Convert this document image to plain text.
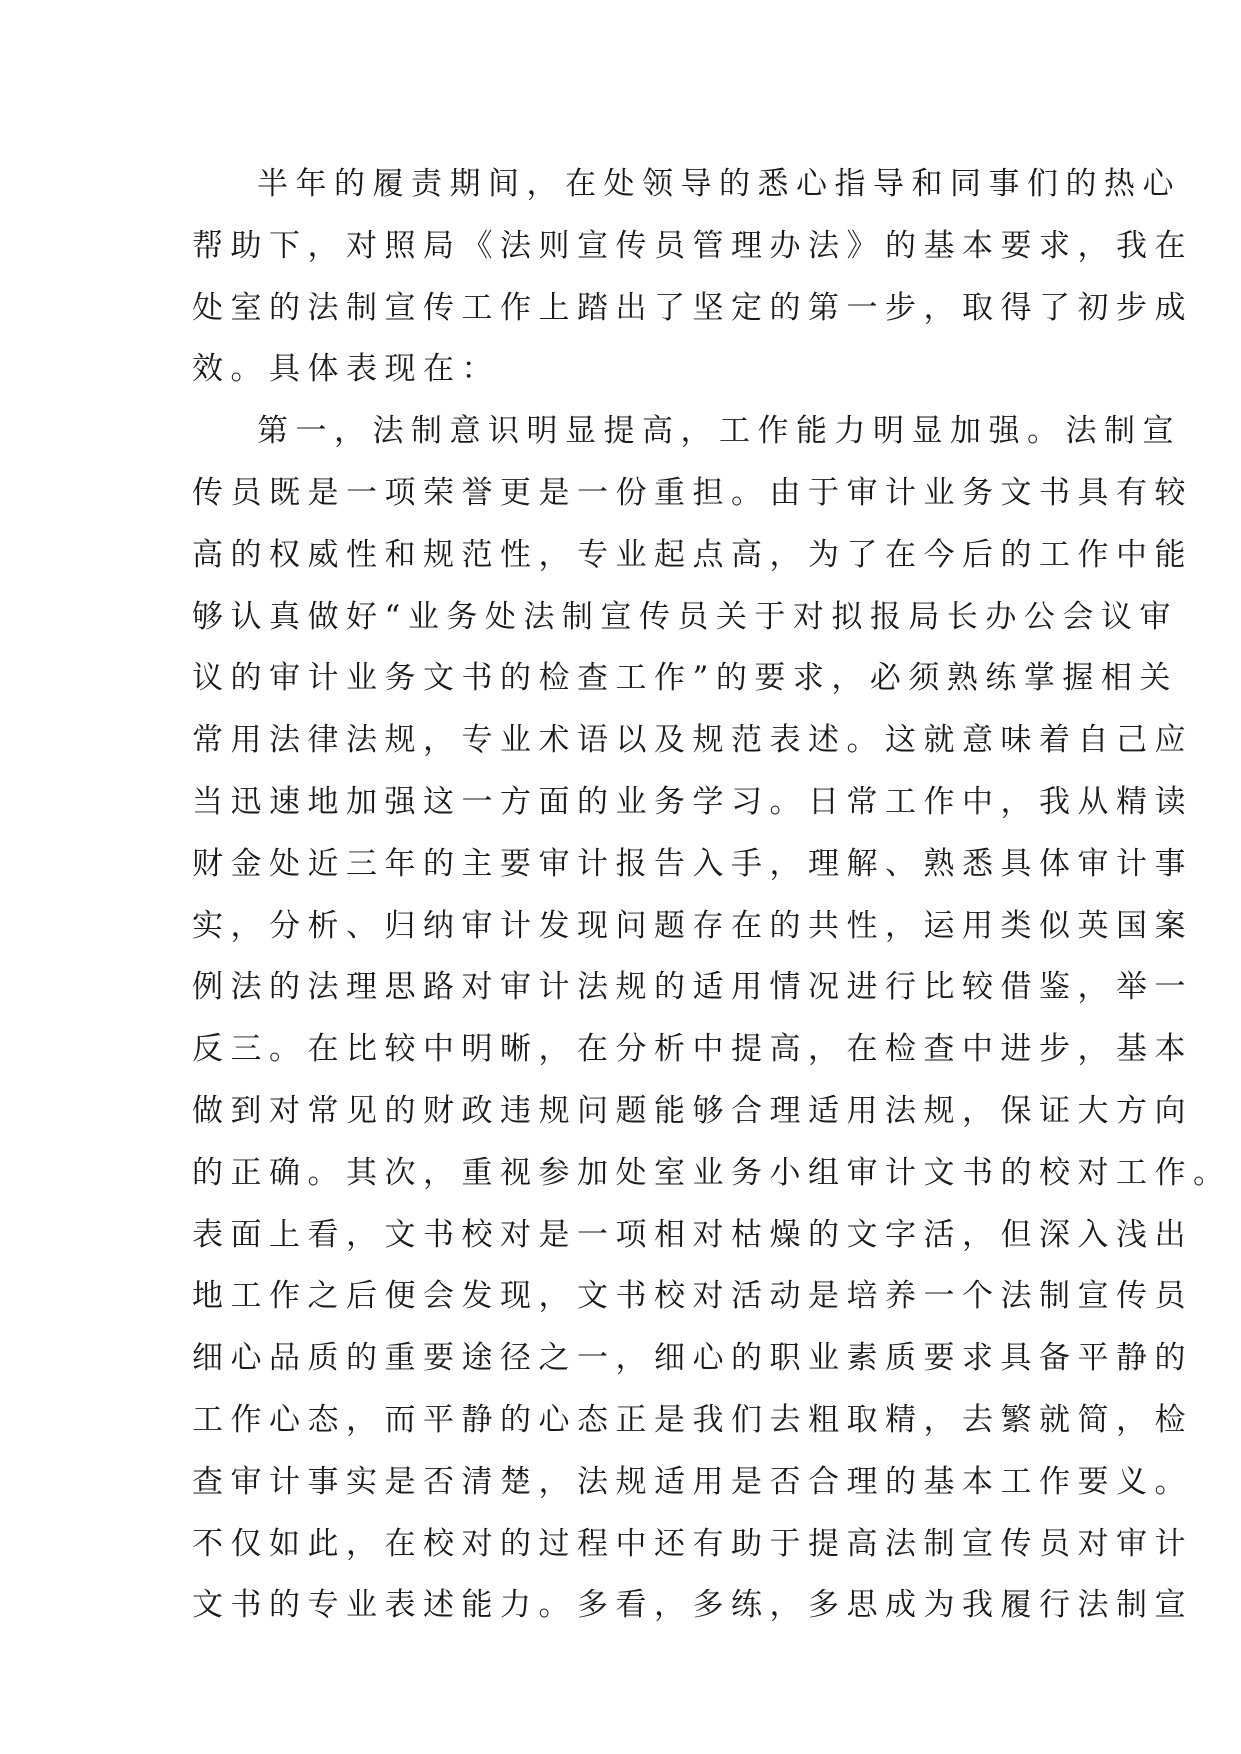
半年的履责期间，在处领导的悉心指导和同事们的热心
帮助下，对照局《法则宣传员管理办法》的基本要求，我在
处室的法制宣传工作上踏出了坚定的第一步，取得了初步成
效。具体表现在：
第一，法制意识明显提高，工作能力明显加强。法制宣
传员既是一项荣誉更是一份重担。由于审计业务文书具有较
高的权威性和规范性，专业起点高，为了在今后的工作中能
够认真做好“业务处法制宣传员关于对拟报局长办公会议审
议的审计业务文书的检查工作”的要求，必须熟练掌握相关
常用法律法规，专业术语以及规范表述。这就意味着自己应
当迅速地加强这一方面的业务学习。日常工作中，我从精读
财金处近三年的主要审计报告入手，理解、熟悉具体审计事
实，分析、归纳审计发现问题存在的共性，运用类似英国案
例法的法理思路对审计法规的适用情况进行比较借鉴，举一
反三。在比较中明晰，在分析中提高，在检查中进步，基本
做到对常见的财政违规问题能够合理适用法规，保证大方向
的正确。其次，重视参加处室业务小组审计文书的校对工作。
表面上看，文书校对是一项相对枯燥的文字活，但深入浅出
地工作之后便会发现，文书校对活动是培养一个法制宣传员
细心品质的重要途径之一，细心的职业素质要求具备平静的
工作心态，而平静的心态正是我们去粗取精，去繁就简，检
查审计事实是否清楚，法规适用是否合理的基本工作要义。
不仅如此，在校对的过程中还有助于提高法制宣传员对审计
文书的专业表述能力。多看，多练，多思成为我履行法制宣
